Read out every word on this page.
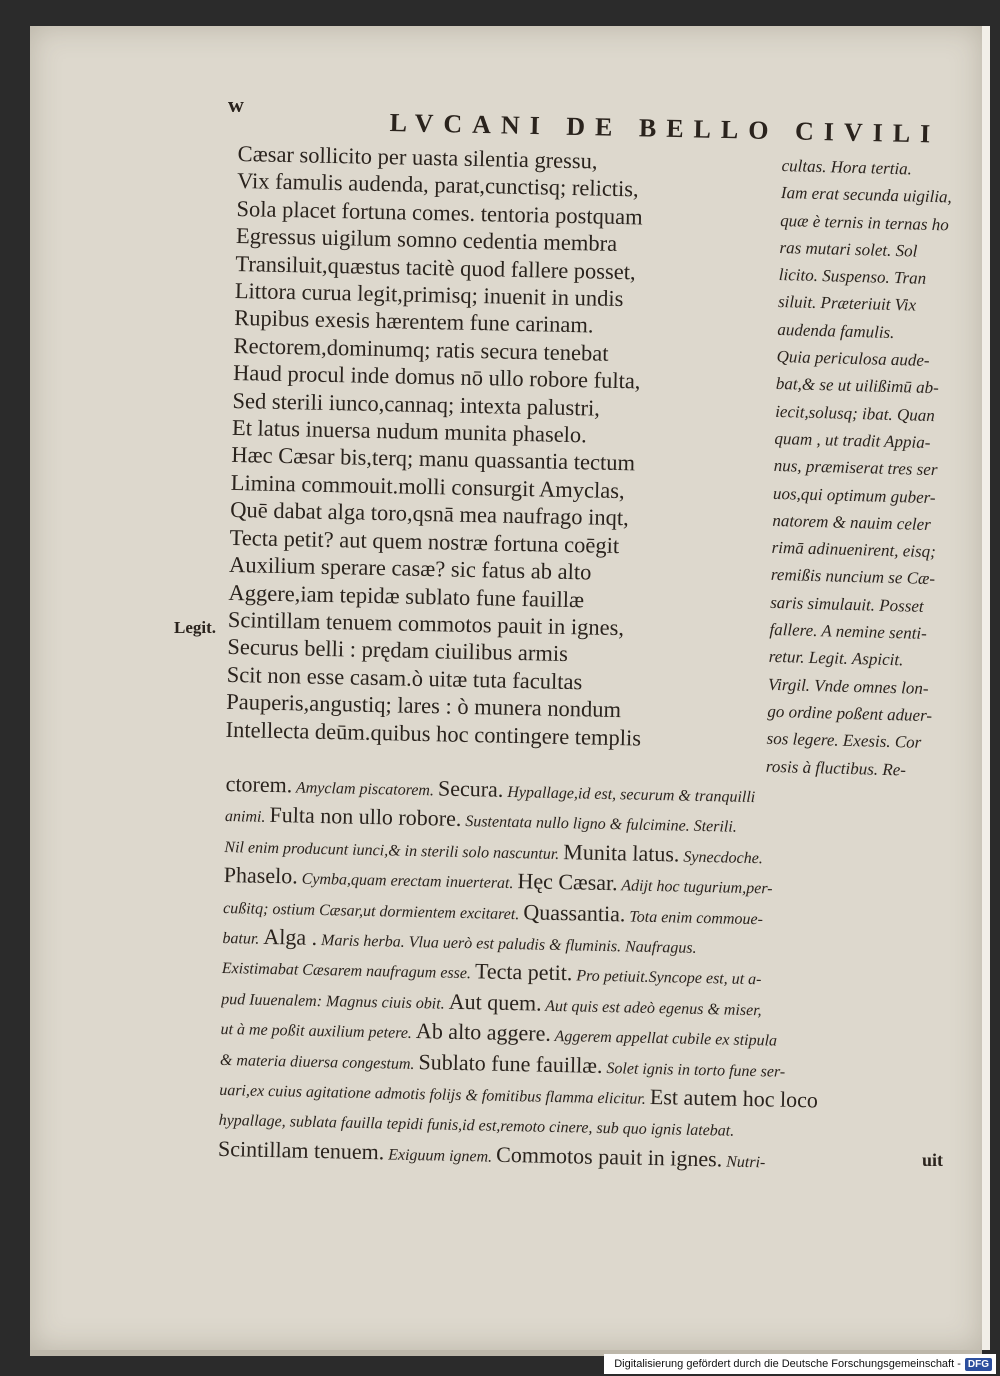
w
LVCANI DE BELLO CIVILI
Cæsar sollicito per uasta silentia gressu,
Vix famulis audenda, parat,cunctisq; relictis,
Sola placet fortuna comes. tentoria postquam
Egressus uigilum somno cedentia membra
Transiluit,quæstus tacitè quod fallere posset,
Littora curua legit,primisq; inuenit in undis
Rupibus exesis hærentem fune carinam.
Rectorem,dominumq; ratis secura tenebat
Haud procul inde domus nō ullo robore fulta,
Sed sterili iunco,cannaq; intexta palustri,
Et latus inuersa nudum munita phaselo.
Hæc Cæsar bis,terq; manu quassantia tectum
Limina commouit.molli consurgit Amyclas,
Quē dabat alga toro,qsnā mea naufrago inqt,
Tecta petit? aut quem nostræ fortuna coēgit
Auxilium sperare casæ? sic fatus ab alto
Aggere,iam tepidæ sublato fune fauillæ
Scintillam tenuem commotos pauit in ignes,
Securus belli : prędam ciuilibus armis
Scit non esse casam.ò uitæ tuta facultas
Pauperis,angustiq; lares : ò munera nondum
Intellecta deūm.quibus hoc contingere templis
cultas. Hora tertia.
Iam erat secunda uigilia,
quæ è ternis in ternas ho
ras mutari solet. Sol
licito. Suspenso. Tran
siluit. Præteriuit Vix
audenda famulis.
Quia periculosa aude-
bat,& se ut uilißimū ab-
iecit,solusq; ibat. Quan
quam , ut tradit Appia-
nus, præmiserat tres ser
uos,qui optimum guber-
natorem & nauim celer
rimā adinuenirent, eisq;
remißis nuncium se Cæ-
saris simulauit. Posset
fallere. A nemine senti-
retur. Legit. Aspicit.
Virgil. Vnde omnes lon-
go ordine poßent aduer-
sos legere. Exesis. Cor
rosis à fluctibus. Re-
Legit.
ctorem. Amyclam piscatorem. Secura. Hypallage,id est, securum & tranquilli
animi. Fulta non ullo robore. Sustentata nullo ligno & fulcimine. Sterili.
Nil enim producunt iunci,& in sterili solo nascuntur. Munita latus. Synecdoche.
Phaselo. Cymba,quam erectam inuerterat. Hęc Cæsar. Adijt hoc tugurium,per-
cußitq; ostium Cæsar,ut dormientem excitaret. Quassantia. Tota enim commoue-
batur. Alga . Maris herba. Vlua uerò est paludis & fluminis. Naufragus.
Existimabat Cæsarem naufragum esse. Tecta petit. Pro petiuit.Syncope est, ut a-
pud Iuuenalem: Magnus ciuis obit. Aut quem. Aut quis est adeò egenus & miser,
ut à me poßit auxilium petere. Ab alto aggere. Aggerem appellat cubile ex stipula
& materia diuersa congestum. Sublato fune fauillæ. Solet ignis in torto fune ser-
uari,ex cuius agitatione admotis folijs & fomitibus flamma elicitur. Est autem hoc loco
hypallage, sublata fauilla tepidi funis,id est,remoto cinere, sub quo ignis latebat.
Scintillam tenuem. Exiguum ignem. Commotos pauit in ignes. Nutri-	uit
Digitalisierung gefördert durch die Deutsche Forschungsgemeinschaft - DFG
